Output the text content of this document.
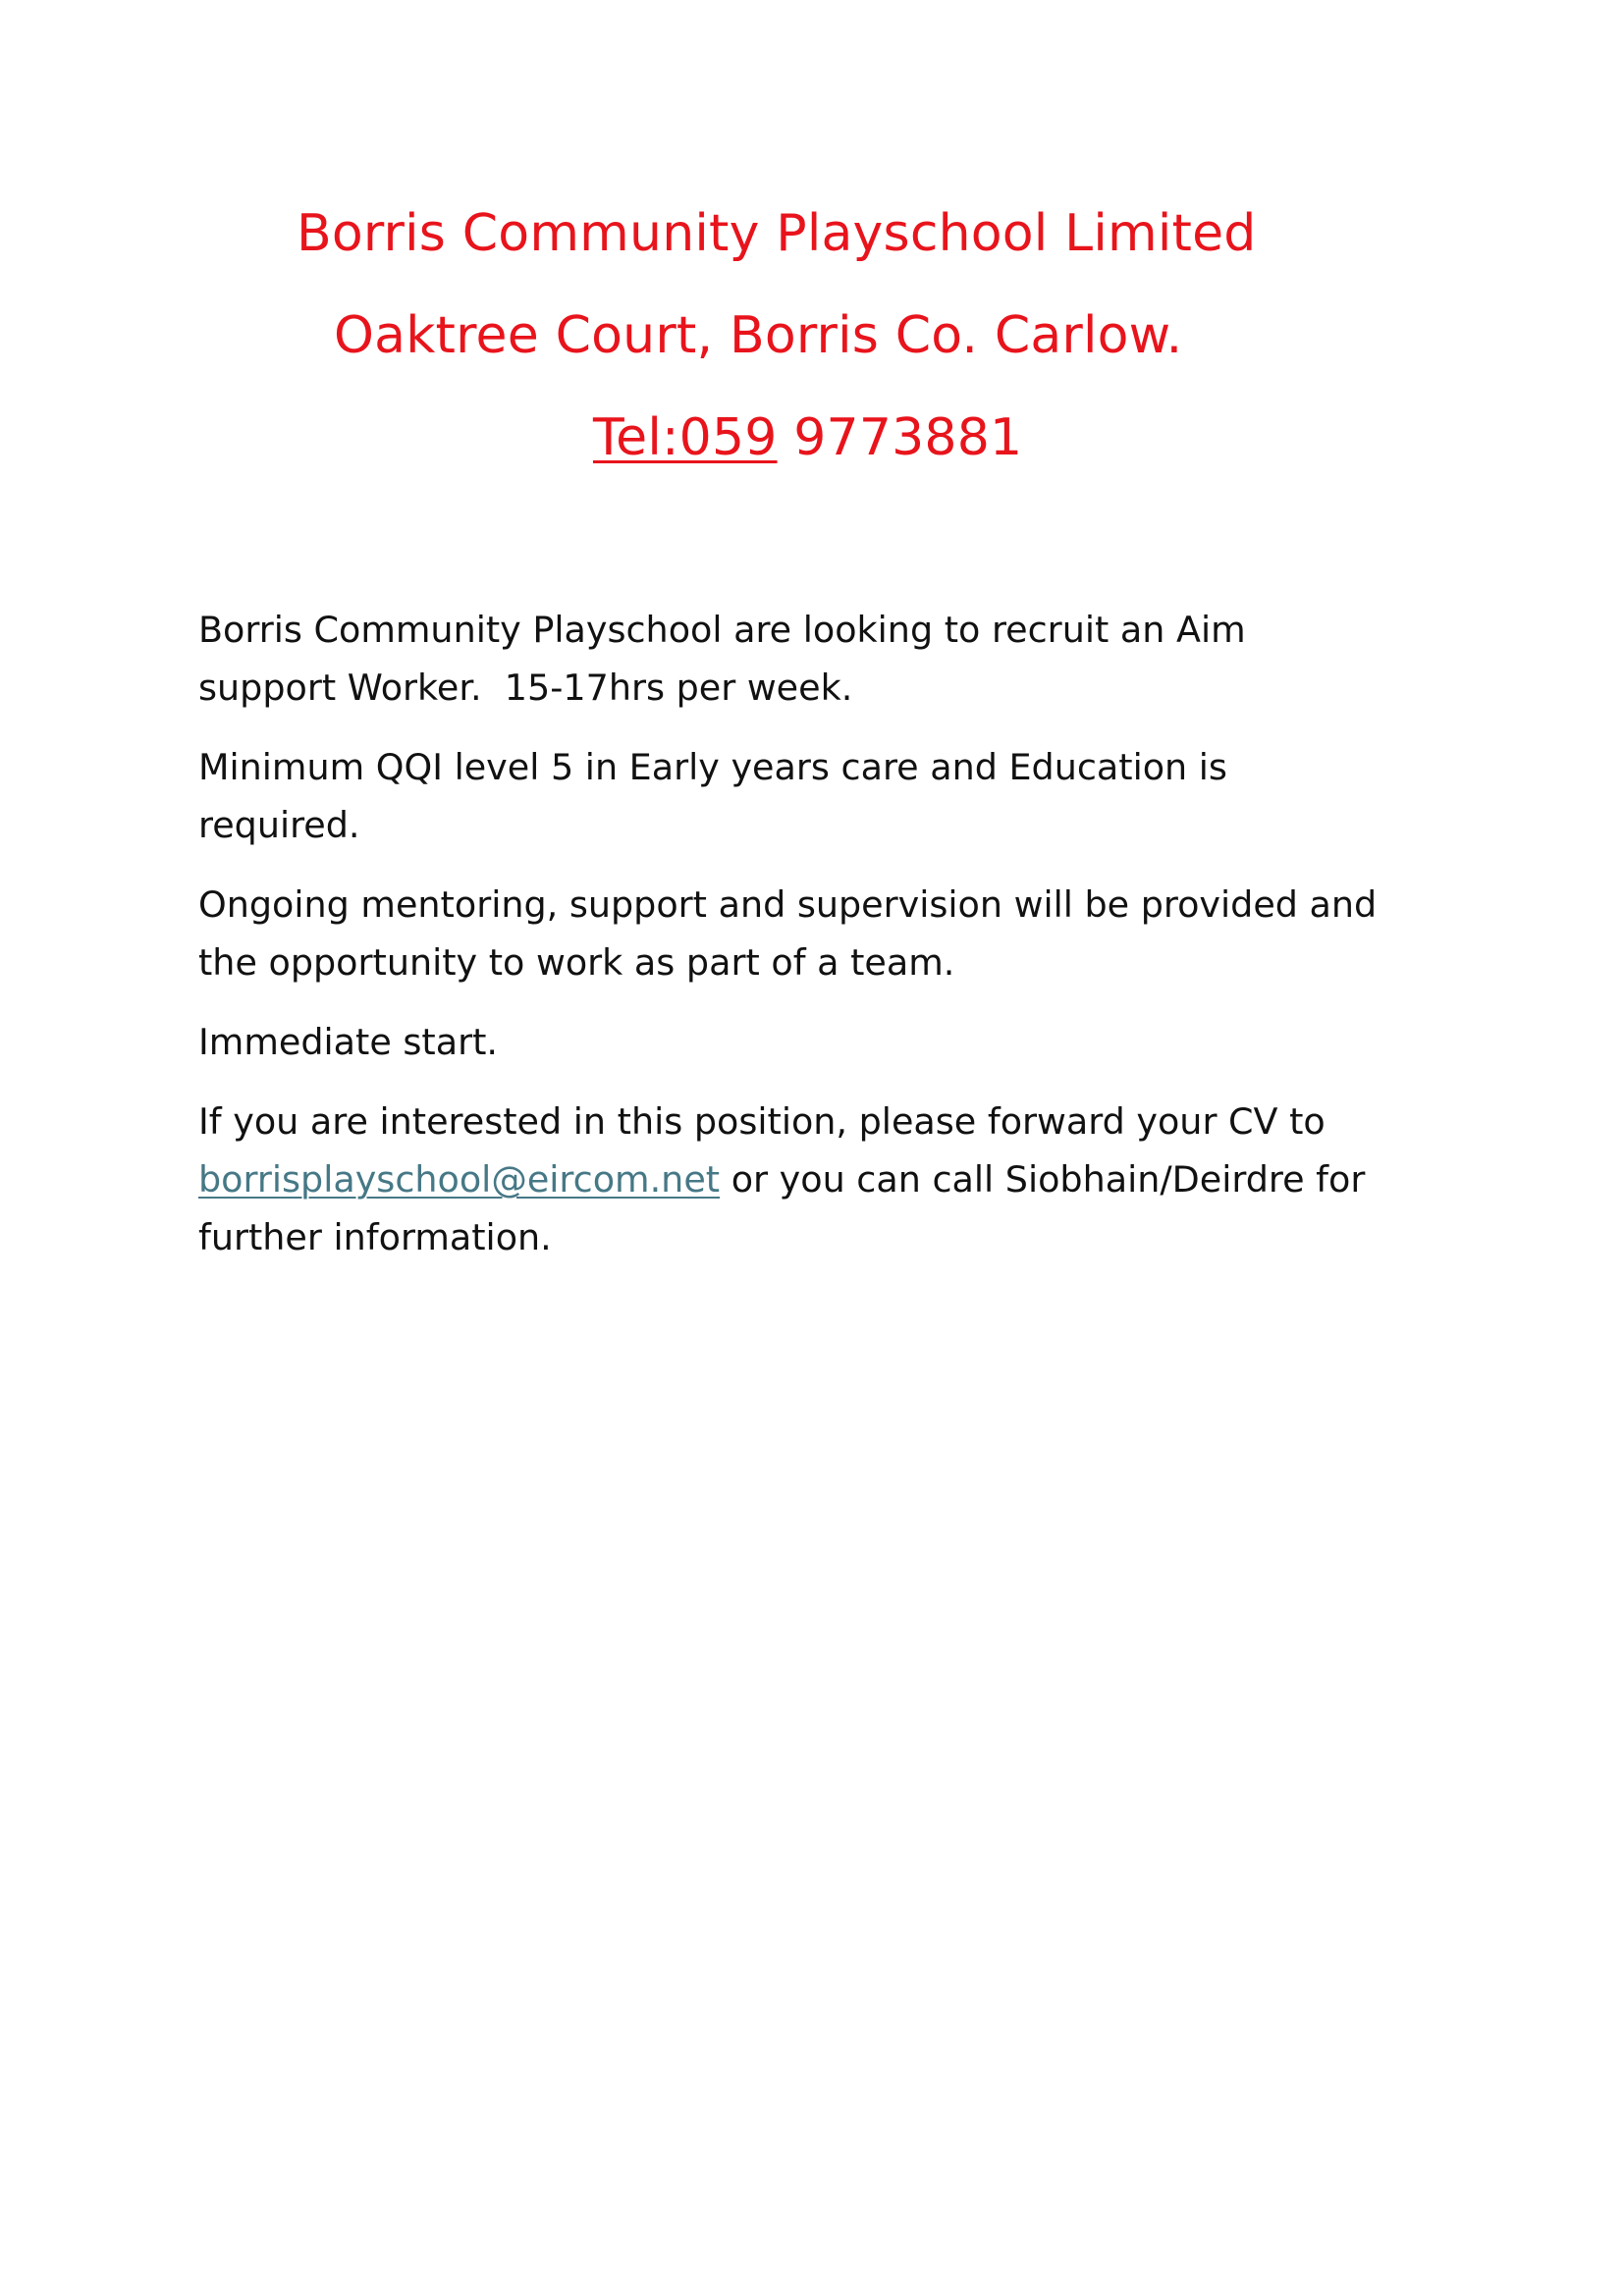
Borris Community Playschool Limited
Oaktree Court, Borris Co. Carlow.
Tel:059 9773881

Borris Community Playschool are looking to recruit an Aim
support Worker.  15-17hrs per week.

Minimum QQI level 5 in Early years care and Education is
required.

Ongoing mentoring, support and supervision will be provided and
the opportunity to work as part of a team.

Immediate start.

If you are interested in this position, please forward your CV to
borrisplayschool@eircom.net or you can call Siobhain/Deirdre for
further information.
